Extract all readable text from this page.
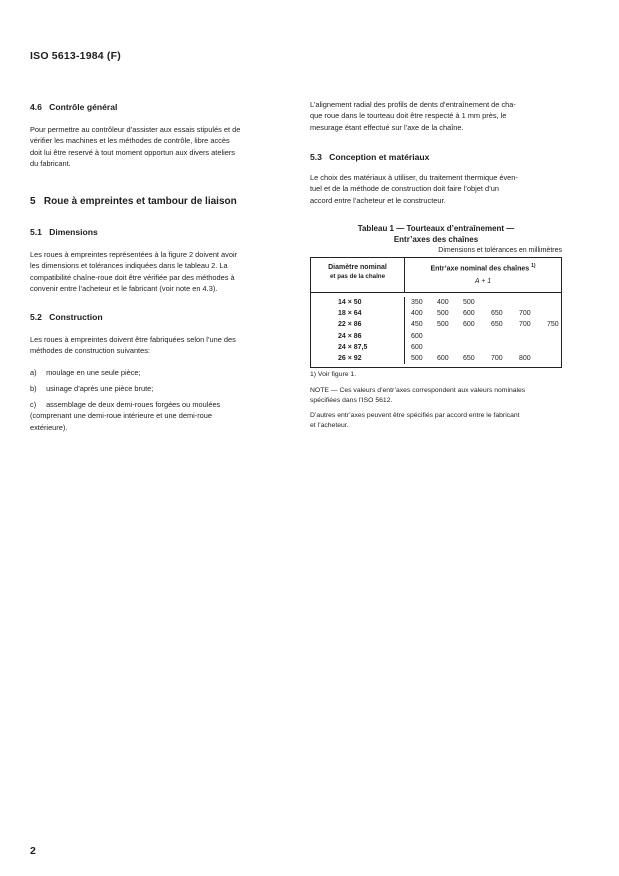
ISO 5613-1984 (F)
4.6 Contrôle général
Pour permettre au contrôleur d’assister aux essais stipulés et de
vérifier les machines et les méthodes de contrôle, libre accès
doit lui être reservé à tout moment opportun aux divers ateliers
du fabricant.
5 Roue à empreintes et tambour de liaison
5.1 Dimensions
Les roues à empreintes représentées à la figure 2 doivent avoir
les dimensions et tolérances indiquées dans le tableau 2. La
compatibilité chaîne-roue doit être vérifiée par des méthodes à
convenir entre l’acheteur et le fabricant (voir note en 4.3).
5.2 Construction
Les roues à empreintes doivent être fabriquées selon l’une des
méthodes de construction suivantes:
a) moulage en une seule pièce;
b) usinage d’après une pièce brute;
c) assemblage de deux demi-roues forgées ou moulées
(comprenant une demi-roue intérieure et une demi-roue
extérieure).
L’alignement radial des profils de dents d’entraînement de cha-
que roue dans le tourteau doit être respecté à 1 mm près, le
mesurage étant effectué sur l’axe de la chaîne.
5.3 Conception et matériaux
Le choix des matériaux à utiliser, du traitement thermique éven-
tuel et de la méthode de construction doit faire l’objet d’un
accord entre l’acheteur et le constructeur.
Tableau 1 — Tourteaux d’entraînement —
Entr’axes des chaînes
Dimensions et tolérances en millimètres
Diamètre nominal
et pas de la chaîne
Entr’axe nominal des chaînes $^{1)}$
A + 1
14 × 50
18 × 64
22 × 86
24 × 86
24 × 87,5
26 × 92
350 400 500
400 500 600 650 700
450 500 600 650 700 750
600
600
500 600 650 700 800
1) Voir figure 1.
NOTE — Ces valeurs d’entr’axes correspondent aux valeurs nominales
spécifiées dans l’ISO 5612.
D’autres entr’axes peuvent être spécifiés par accord entre le fabricant
et l’acheteur.
2
